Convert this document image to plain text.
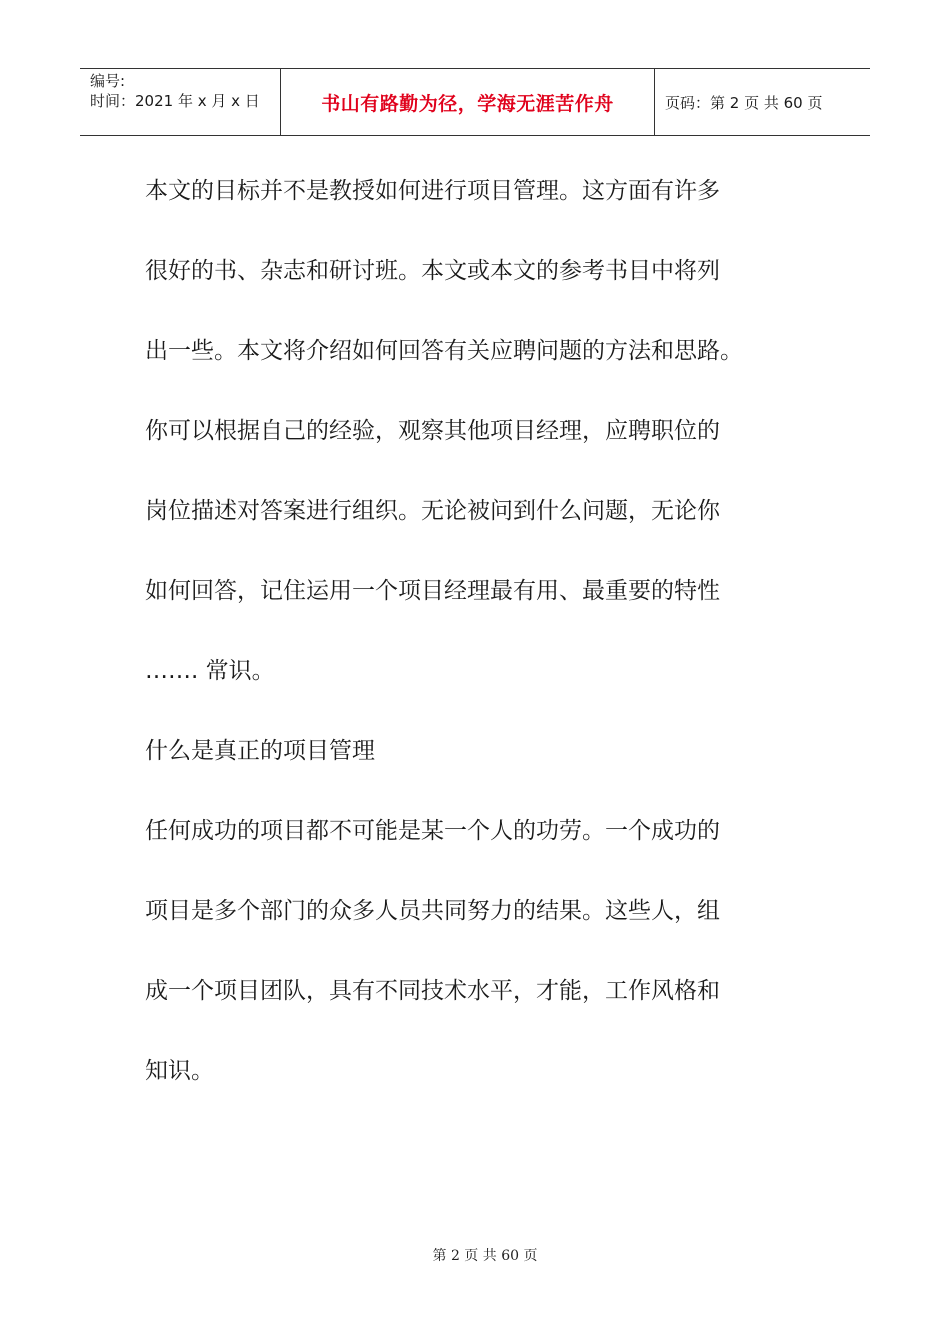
编号:
时间：2021 年 x 月 x 日	书山有路勤为径，学海无涯苦作舟	页码：第 2 页 共 60 页
本文的目标并不是教授如何进行项目管理。这方面有许多
很好的书、杂志和研讨班。本文或本文的参考书目中将列
出一些。本文将介绍如何回答有关应聘问题的方法和思路。
你可以根据自己的经验，观察其他项目经理，应聘职位的
岗位描述对答案进行组织。无论被问到什么问题，无论你
如何回答，记住运用一个项目经理最有用、最重要的特性
……. 常识。
什么是真正的项目管理
任何成功的项目都不可能是某一个人的功劳。一个成功的
项目是多个部门的众多人员共同努力的结果。这些人，组
成一个项目团队，具有不同技术水平，才能，工作风格和
知识。
第 2 页 共 60 页
